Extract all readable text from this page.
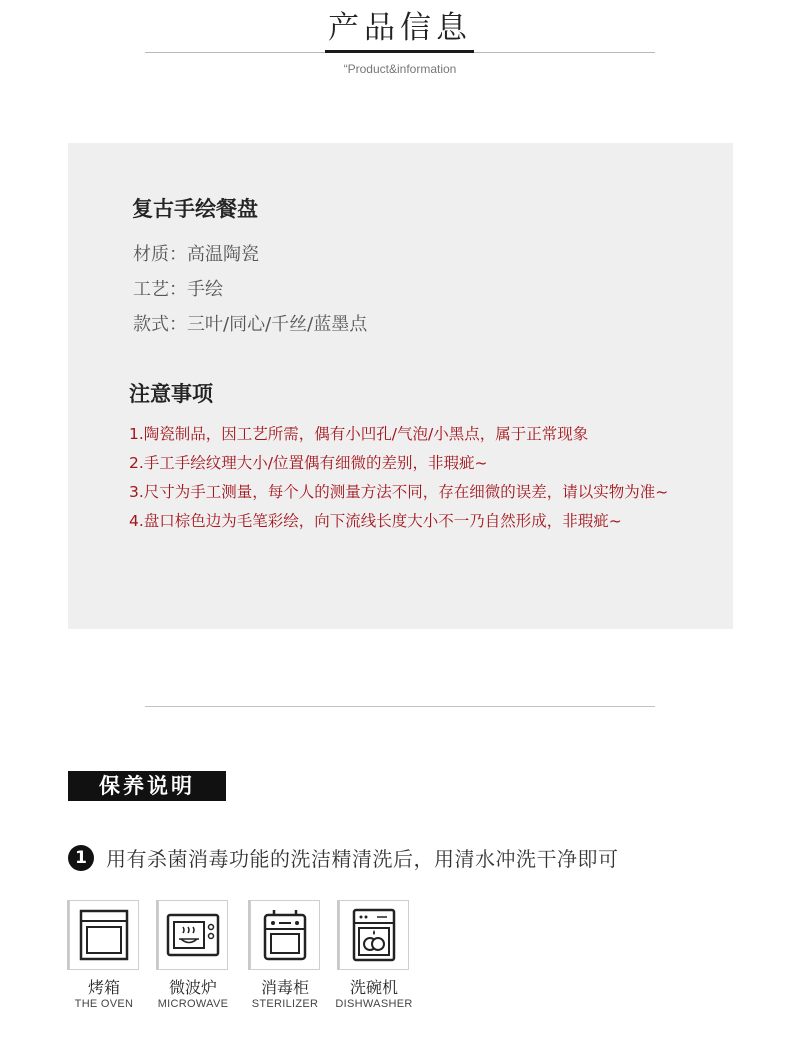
产品信息
“Product&information
复古手绘餐盘
材质：高温陶瓷
工艺：手绘
款式：三叶/同心/千丝/蓝墨点
注意事项
1.陶瓷制品，因工艺所需，偶有小凹孔/气泡/小黑点，属于正常现象
2.手工手绘纹理大小/位置偶有细微的差别，非瑕疵~
3.尺寸为手工测量，每个人的测量方法不同，存在细微的误差，请以实物为准~
4.盘口棕色边为毛笔彩绘，向下流线长度大小不一乃自然形成，非瑕疵~
保养说明
1 用有杀菌消毒功能的洗洁精清洗后，用清水冲洗干净即可
烤箱
THE OVEN
微波炉
MICROWAVE
消毒柜
STERILIZER
洗碗机
DISHWASHER
